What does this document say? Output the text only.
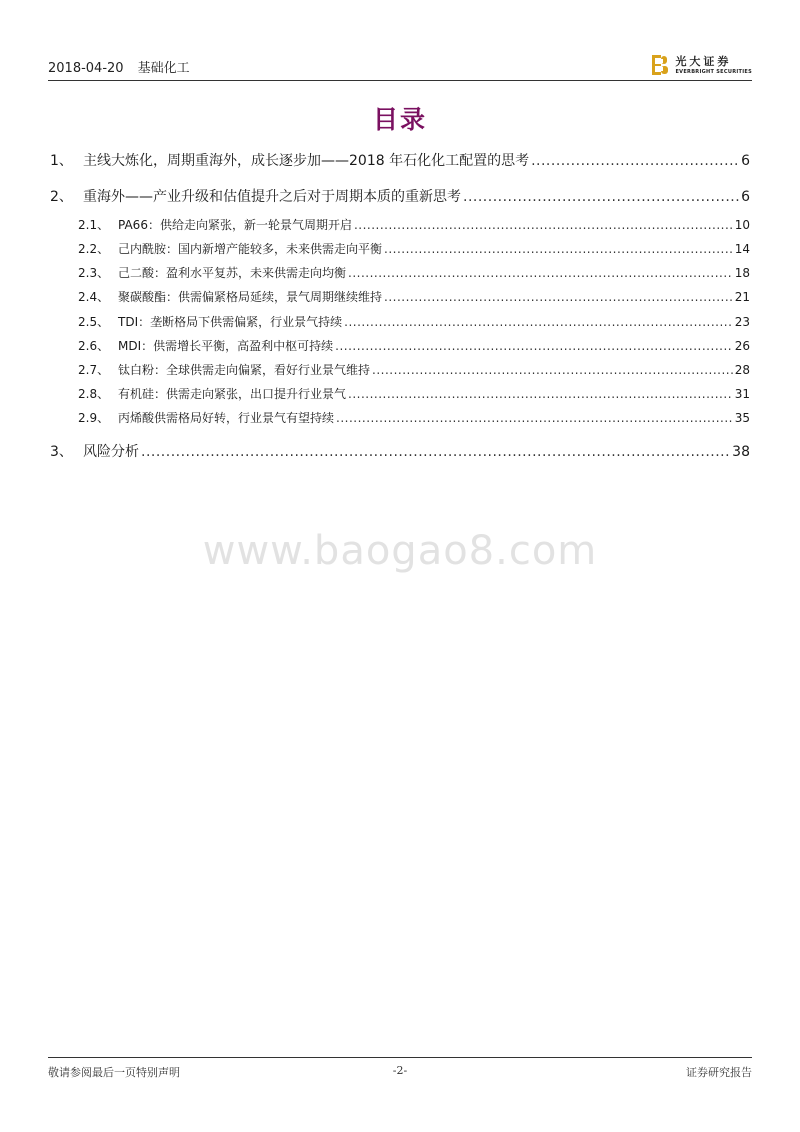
2018-04-20 基础化工	光大证券
EVERBRIGHT SECURITIES
目录
1、 主线大炼化，周期重海外，成长逐步加——2018 年石化化工配置的思考 .....	6
2、 重海外——产业升级和估值提升之后对于周期本质的重新思考 .....	6
2.1、 PA66：供给走向紧张，新一轮景气周期开启 .....	10
2.2、 己内酰胺：国内新增产能较多，未来供需走向平衡 .....	14
2.3、 己二酸：盈利水平复苏，未来供需走向均衡 .....	18
2.4、 聚碳酸酯：供需偏紧格局延续，景气周期继续维持 .....	21
2.5、 TDI：垄断格局下供需偏紧，行业景气持续 .....	23
2.6、 MDI：供需增长平衡，高盈利中枢可持续 .....	26
2.7、 钛白粉：全球供需走向偏紧，看好行业景气维持 .....	28
2.8、 有机硅：供需走向紧张，出口提升行业景气 .....	31
2.9、 丙烯酸供需格局好转，行业景气有望持续 .....	35
3、 风险分析 .....	38
www.baogao8.com
-2-
敬请参阅最后一页特别声明	证券研究报告
